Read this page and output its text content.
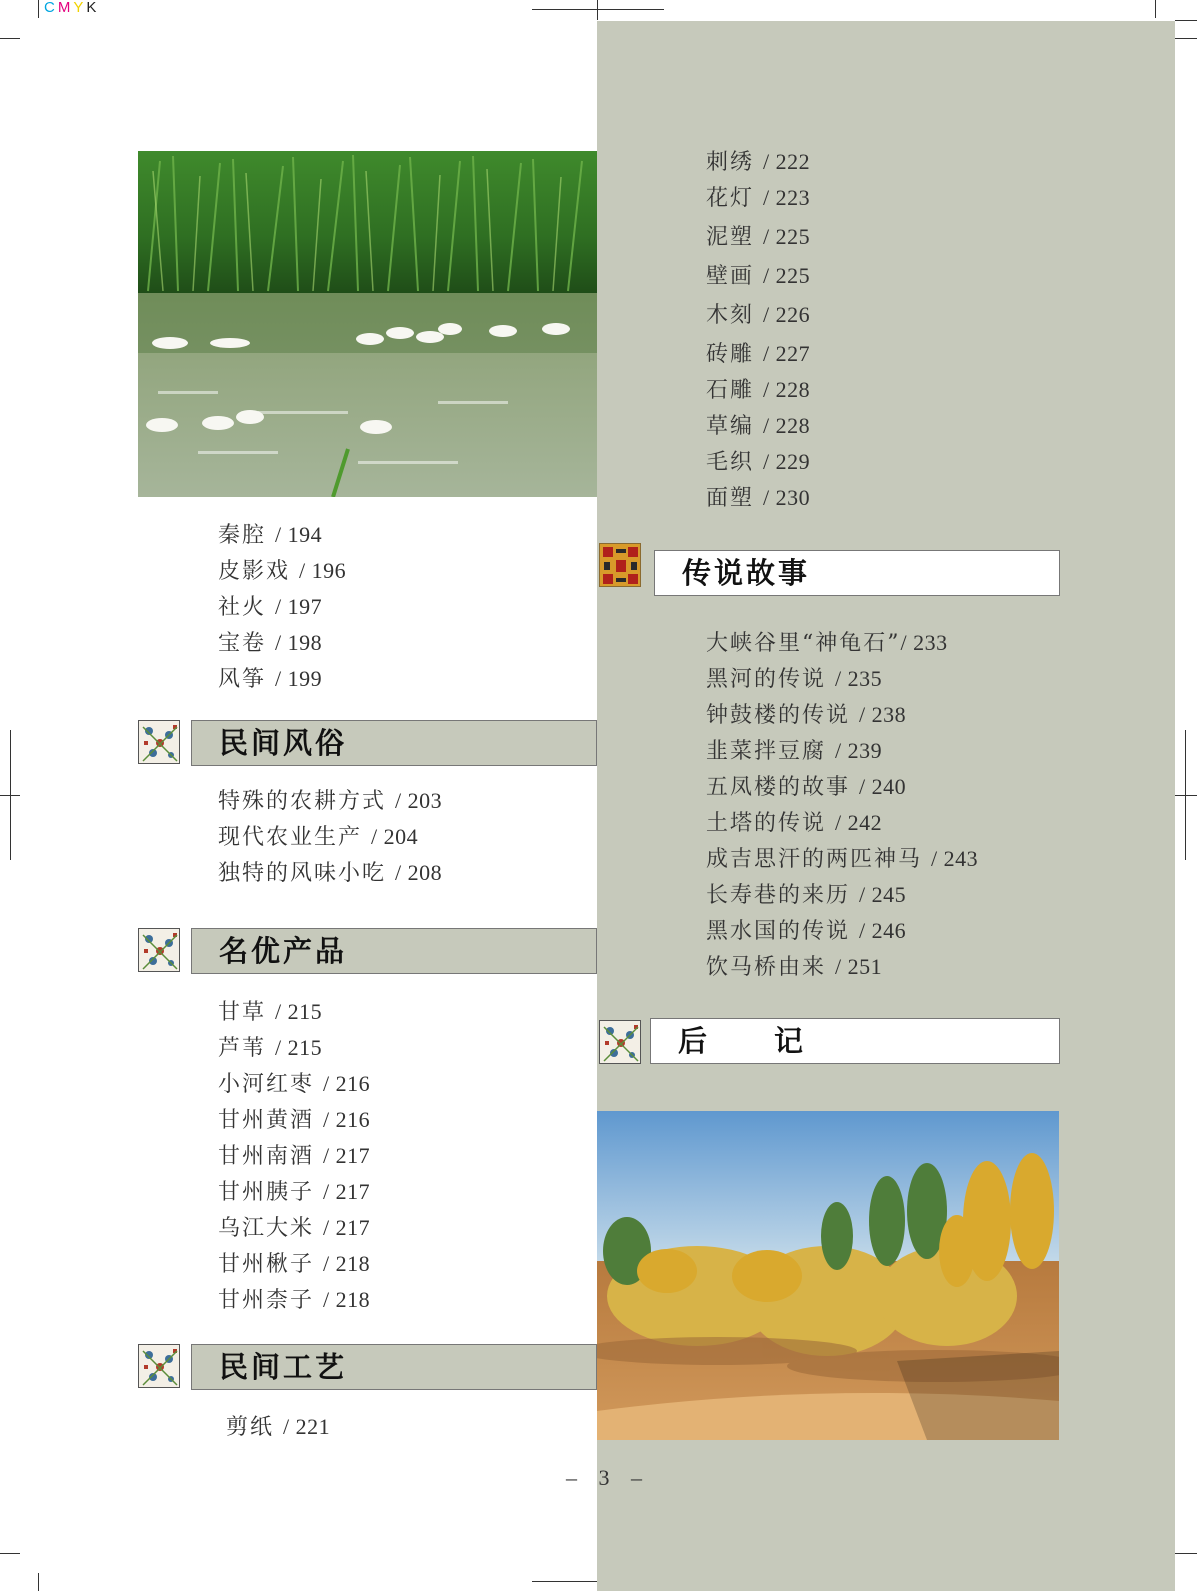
CMYK
秦腔 / 194
皮影戏 / 196
社火 / 197
宝卷 / 198
风筝 / 199
民间风俗
特殊的农耕方式 / 203
现代农业生产 / 204
独特的风味小吃 / 208
名优产品
甘草 / 215
芦苇 / 215
小河红枣 / 216
甘州黄酒 / 216
甘州南酒 / 217
甘州胰子 / 217
乌江大米 / 217
甘州楸子 / 218
甘州柰子 / 218
民间工艺
剪纸 / 221
刺绣 / 222
花灯 / 223
泥塑 / 225
壁画 / 225
木刻 / 226
砖雕 / 227
石雕 / 228
草编 / 228
毛织 / 229
面塑 / 230
传说故事
大峡谷里“神龟石”/ 233
黑河的传说 / 235
钟鼓楼的传说 / 238
韭菜拌豆腐 / 239
五凤楼的故事 / 240
土塔的传说 / 242
成吉思汗的两匹神马 / 243
长寿巷的来历 / 245
黑水国的传说 / 246
饮马桥由来 / 251
后　　记
– 3 –
